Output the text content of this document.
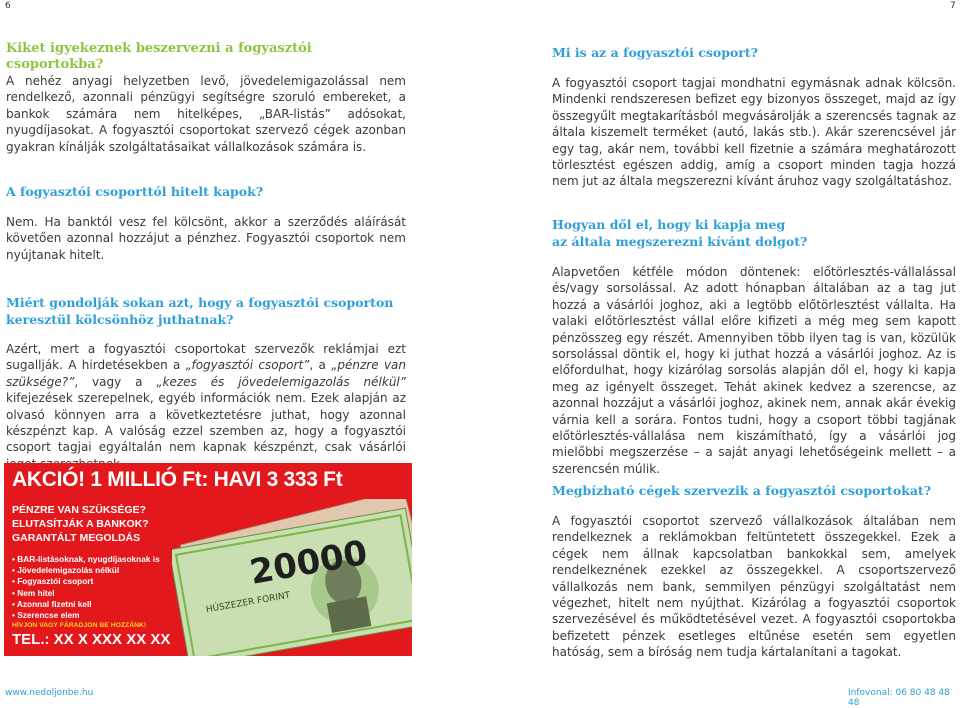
6	7
Kiket igyekeznek beszervezni a fogyasztói csoportokba?

A nehéz anyagi helyzetben levő, jövedelemigazolással nem rendelkező, azonnali pénzügyi segítségre szoruló embereket, a bankok számára nem hitelképes, „BAR-listás” adósokat, nyugdíjasokat. A fogyasztói csoportokat szervező cégek azonban gyakran kínálják szolgáltatásaikat vállalkozások számára is.

A fogyasztói csoporttól hitelt kapok?

Nem. Ha banktól vesz fel kölcsönt, akkor a szerződés aláírását követően azonnal hozzájut a pénzhez. Fogyasztói csoportok nem nyújtanak hitelt.

Miért gondolják sokan azt, hogy a fogyasztói csoporton keresztül kölcsönhöz juthatnak?

Azért, mert a fogyasztói csoportokat szervezők reklámjai ezt sugallják. A hirdetésekben a „fogyasztói csoport”, a „pénzre van szüksége?”, vagy a „kezes és jövedelemigazolás nélkül” kifejezések szerepelnek, egyéb információk nem. Ezek alapján az olvasó könnyen arra a következtetésre juthat, hogy azonnal készpénzt kap. A valóság ezzel szemben az, hogy a fogyasztói csoport tagjai egyáltalán nem kapnak készpénzt, csak vásárlói

AKCIÓ! 1 MILLIÓ Ft: HAVI 3 333 Ft
PÉNZRE VAN SZÜKSÉGE?
ELUTASÍTJÁK A BANKOK?
GARANTÁLT MEGOLDÁS
• BAR-listásoknak, nyugdíjasoknak is
• Jövedelemigazolás nélkül
• Fogyasztói csoport
• Nem hitel
• Azonnal fizetni kell
• Szerencse elem
HÍVJON VAGY FÁRADJON BE HOZZÁNK!
TEL.: XX X XXX XX XX
20000
HÚSZEZER FORINT
Mi is az a fogyasztói csoport?

A fogyasztói csoport tagjai mondhatni egymásnak adnak kölcsön. Mindenki rendszeresen befizet egy bizonyos összeget, majd az így összegyűlt megtakarításból megvásárolják a szerencsés tagnak az általa kiszemelt terméket (autó, lakás stb.). Akár szerencsével jár egy tag, akár nem, további kell fizetnie a számára meghatározott törlesztést egészen addig, amíg a csoport minden tagja hozzá nem jut az általa megszerezni kívánt áruhoz vagy szolgáltatáshoz.

Hogyan dől el, hogy ki kapja meg
az általa megszerezni kívánt dolgot?

Alapvetően kétféle módon döntenek: előtörlesztés-vállalással és/vagy sorsolással. Az adott hónapban általában az a tag jut hozzá a vásárlói joghoz, aki a legtöbb előtörlesztést vállalta. Ha valaki előtörlesztést vállal előre kifizeti a még meg sem kapott pénzösszeg egy részét. Amennyiben több ilyen tag is van, közülük sorsolással döntik el, hogy ki juthat hozzá a vásárlói joghoz. Az is előfordulhat, hogy kizárólag sorsolás alapján dől el, hogy ki kapja meg az igényelt összeget. Tehát akinek kedvez a szerencse, az azonnal hozzájut a vásárlói joghoz, akinek nem, annak akár évekig várnia kell a sorára. Fontos tudni, hogy a csoport többi tagjának előtörlesztés-vállalása nem kiszámítható, így a vásárlói jog mielőbbi megszerzése – a saját anyagi lehetőségeink mellett – a szerencsén múlik.

Megbízható cégek szervezik a fogyasztói csoportokat?

A fogyasztói csoportot szervező vállalkozások általában nem rendelkeznek a reklámokban feltüntetett összegekkel. Ezek a cégek nem állnak kapcsolatban bankokkal sem, amelyek rendelkeznének ezekkel az összegekkel. A csoportszervező vállalkozás nem bank, semmilyen pénzügyi szolgáltatást nem végezhet, hitelt nem nyújthat. Kizárólag a fogyasztói csoportok szervezésével és működtetésével vezet. A fogyasztói csoportokba befizetett pénzek esetleges eltűnése esetén sem egyetlen hatóság, sem a bíróság nem tudja kártalanítani a tagokat.

www.nedoljonbe.hu	Infovonal: 06 80 48 48 48
